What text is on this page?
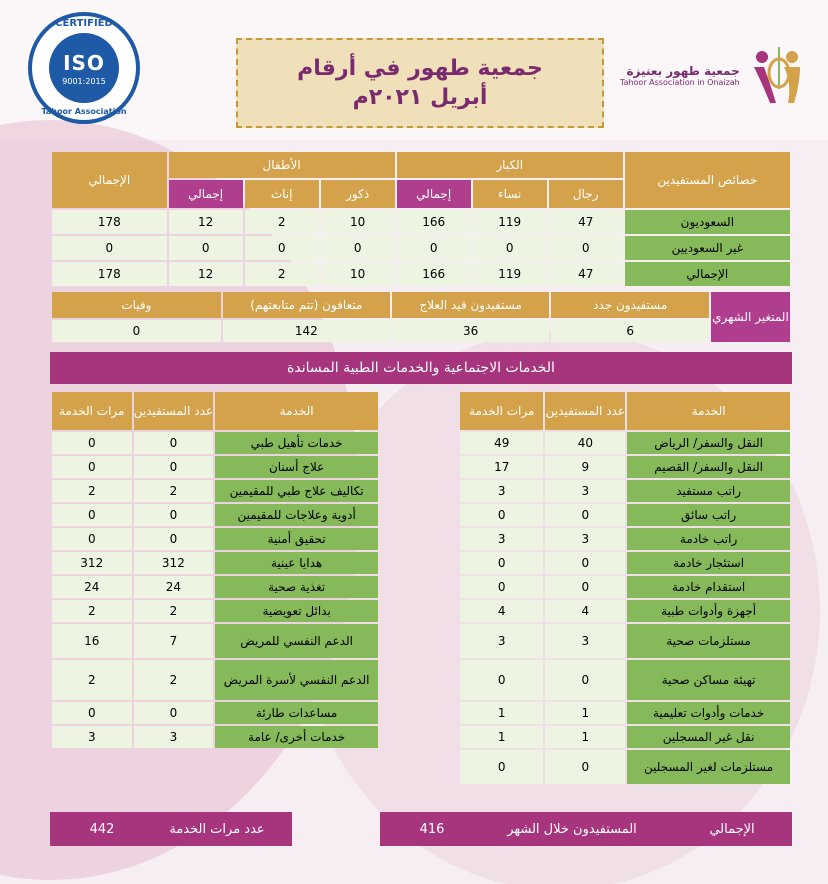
CERTIFIED
ISO
9001:2015
Tahoor Association
جمعية طهور في أرقام
أبريل ٢٠٢١م
جمعية طهور بعنيزة
Tahoor Association in Onaizah
خصائص المستفيدين	الكبار			الأطفال			الإجمالي
	رجال	نساء	إجمالي	ذكور	إناث	إجمالي	
السعوديون	47	119	166	10	2	12	178
غير السعوديين	0	0	0	0	0	0	0
الإجمالي	47	119	166	10	2	12	178
المتغير الشهري	مستفيدون جدد	مستفيدون قيد العلاج	متعافون (تتم متابعتهم)	وفيات
	6	36	142	0
الخدمات الاجتماعية والخدمات الطبية المساندة
الخدمة	عدد المستفيدين	مرات الخدمة
النقل والسفر/ الرياض	40	49
النقل والسفر/ القصيم	9	17
راتب مستفيد	3	3
راتب سائق	0	0
راتب خادمة	3	3
استئجار خادمة	0	0
استقدام خادمة	0	0
أجهزة وأدوات طبية	4	4
مستلزمات صحية	3	3
تهيئة مساكن صحية	0	0
خدمات وأدوات تعليمية	1	1
نقل غير المسجلين	1	1
مستلزمات لغير المسجلين	0	0
الخدمة	عدد المستفيدين	مرات الخدمة
خدمات تأهيل طبي	0	0
علاج أسنان	0	0
تكاليف علاج طبي للمقيمين	2	2
أدوية وعلاجات للمقيمين	0	0
تحقيق أمنية	0	0
هدايا عينية	312	312
تغذية صحية	24	24
بدائل تعويضية	2	2
الدعم النفسي للمريض	7	16
الدعم النفسي لأسرة المريض	2	2
مساعدات طارئة	0	0
خدمات أخرى/ عامة	3	3
الإجمالي
المستفيدون خلال الشهر
416
عدد مرات الخدمة
442
